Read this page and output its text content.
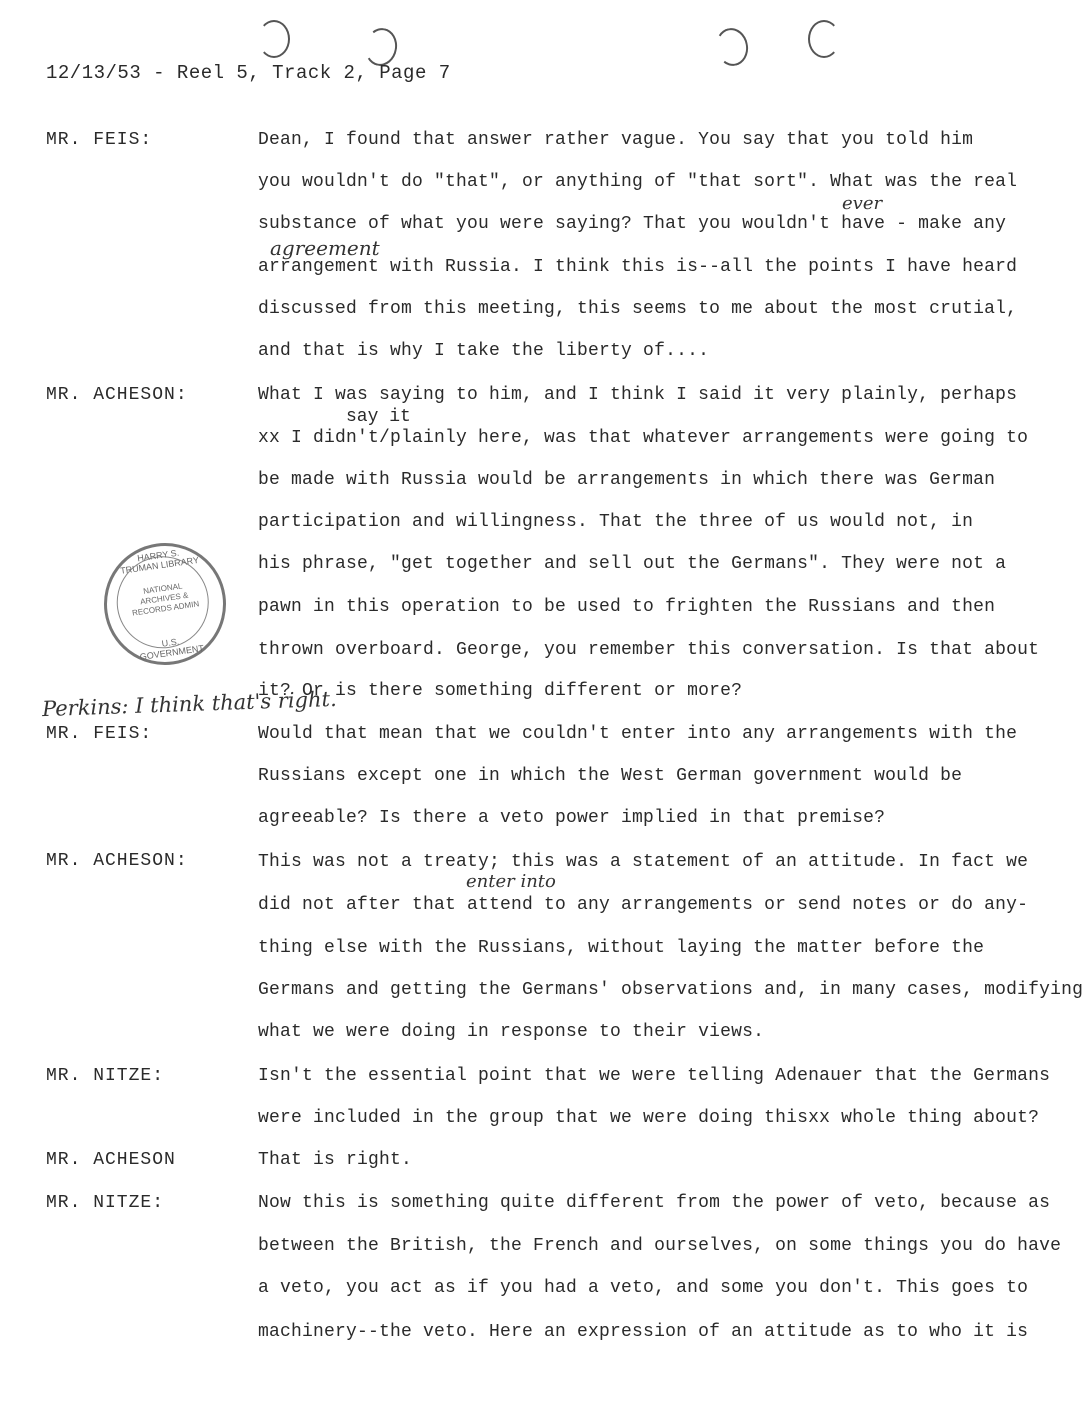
12/13/53 - Reel 5, Track 2, Page 7
MR. FEIS:	Dean, I found that answer rather vague. You say that you told him
you wouldn't do "that", or anything of "that sort". What was the real
substance of what you were saying? That you wouldn't have - make any
arrangement with Russia. I think this is--all the points I have heard
discussed from this meeting, this seems to me about the most crutial,
and that is why I take the liberty of....
ever
agreement
MR. ACHESON:	What I was saying to him, and I think I said it very plainly, perhaps
say it
xx I didn't/plainly here, was that whatever arrangements were going to
be made with Russia would be arrangements in which there was German
participation and willingness. That the three of us would not, in
his phrase, "get together and sell out the Germans". They were not a
pawn in this operation to be used to frighten the Russians and then
thrown overboard. George, you remember this conversation. Is that about
it? Or is there something different or more?
HARRY S. TRUMAN LIBRARY
NATIONAL ARCHIVES & RECORDS ADMIN
U.S. GOVERNMENT
Perkins: I think that's right.
MR. FEIS:	Would that mean that we couldn't enter into any arrangements with the
Russians except one in which the West German government would be
agreeable? Is there a veto power implied in that premise?
MR. ACHESON:	This was not a treaty; this was a statement of an attitude. In fact we
enter into
did not after that attend to any arrangements or send notes or do any-
thing else with the Russians, without laying the matter before the
Germans and getting the Germans' observations and, in many cases, modifying
what we were doing in response to their views.
MR. NITZE:	Isn't the essential point that we were telling Adenauer that the Germans
were included in the group that we were doing thisxx whole thing about?
MR. ACHESON	That is right.
MR. NITZE:	Now this is something quite different from the power of veto, because as
between the British, the French and ourselves, on some things you do have
a veto, you act as if you had a veto, and some you don't. This goes to
machinery--the veto. Here an expression of an attitude as to who it is
